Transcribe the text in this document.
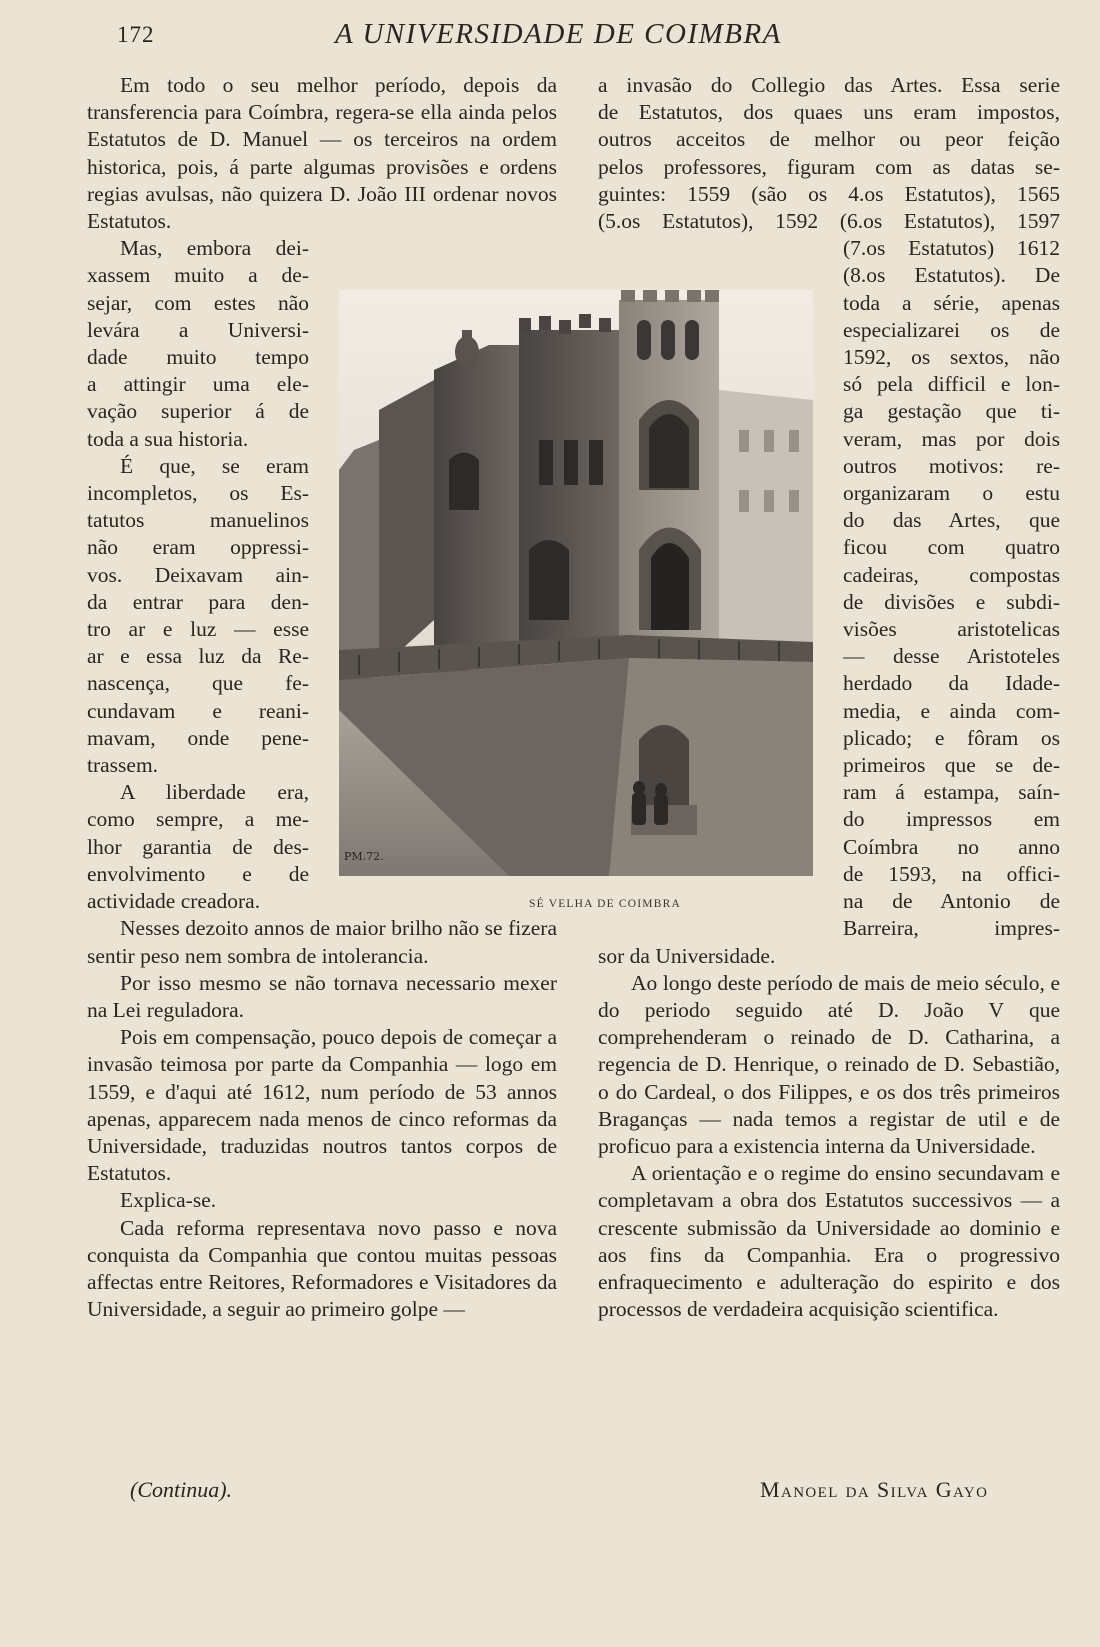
172	A UNIVERSIDADE DE COIMBRA

Em todo o seu melhor período, depois da transferencia para Coímbra, regera-se ella ainda pelos Estatutos de D. Manuel — os terceiros na ordem historica, pois, á parte algumas provisões e ordens regias avulsas, não quizera D. João III ordenar novos Estatutos.

Mas, embora dei-
xassem muito a de-
sejar, com estes não
levára a Universi-
dade muito tempo
a attingir uma ele-
vação superior á de
toda a sua historia.
É que, se eram
incompletos, os Es-
tatutos manuelinos
não eram oppressi-
vos. Deixavam ain-
da entrar para den-
tro ar e luz — esse
ar e essa luz da Re-
nascença, que fe-
cundavam e reani-
mavam, onde pene-
trassem.
A liberdade era,
como sempre, a me-
lhor garantia de des-
envolvimento e de
actividade creadora.

Nesses dezoito annos de maior brilho não se fizera sentir peso nem sombra de intolerancia.

Por isso mesmo se não tornava necessario mexer na Lei reguladora.

Pois em compensação, pouco depois de começar a invasão teimosa por parte da Companhia — logo em 1559, e d'aqui até 1612, num período de 53 annos apenas, apparecem nada menos de cinco reformas da Universidade, traduzidas noutros tantos corpos de Estatutos.

Explica-se.

Cada reforma representava novo passo e nova conquista da Companhia que contou muitas pessoas affectas entre Reitores, Reformadores e Visitadores da Universidade, a seguir ao primeiro golpe —

a invasão do Collegio das Artes. Essa serie
de Estatutos, dos quaes uns eram impostos,
outros acceitos de melhor ou peor feição
pelos professores, figuram com as datas se-
guintes: 1559 (são os 4.os Estatutos), 1565
(5.os Estatutos), 1592 (6.os Estatutos), 1597
(7.os Estatutos) 1612
(8.os Estatutos). De
toda a série, apenas
especializarei os de
1592, os sextos, não
só pela difficil e lon-
ga gestação que ti-
veram, mas por dois
outros motivos: re-
organizaram o estu
do das Artes, que
ficou com quatro
cadeiras, compostas
de divisões e subdi-
visões aristotelicas
— desse Aristoteles
herdado da Idade-
media, e ainda com-
plicado; e fôram os
primeiros que se de-
ram á estampa, saín-
do impressos em
Coímbra no anno
de 1593, na offici-
na de Antonio de
Barreira, impres-

sor da Universidade.

Ao longo deste período de mais de meio século, e do periodo seguido até D. João V que comprehenderam o reinado de D. Catharina, a regencia de D. Henrique, o reinado de D. Sebastião, o do Cardeal, o dos Filippes, e os dos três primeiros Braganças — nada temos a registar de util e de proficuo para a existencia interna da Universidade.

A orientação e o regime do ensino secundavam e completavam a obra dos Estatutos successivos — a crescente submissão da Universidade ao dominio e aos fins da Companhia. Era o progressivo enfraquecimento e adulteração do espirito e dos processos de verdadeira acquisição scientifica.

PM.72.
SÉ VELHA DE COIMBRA
(Continua).	Manoel da Silva Gayo
